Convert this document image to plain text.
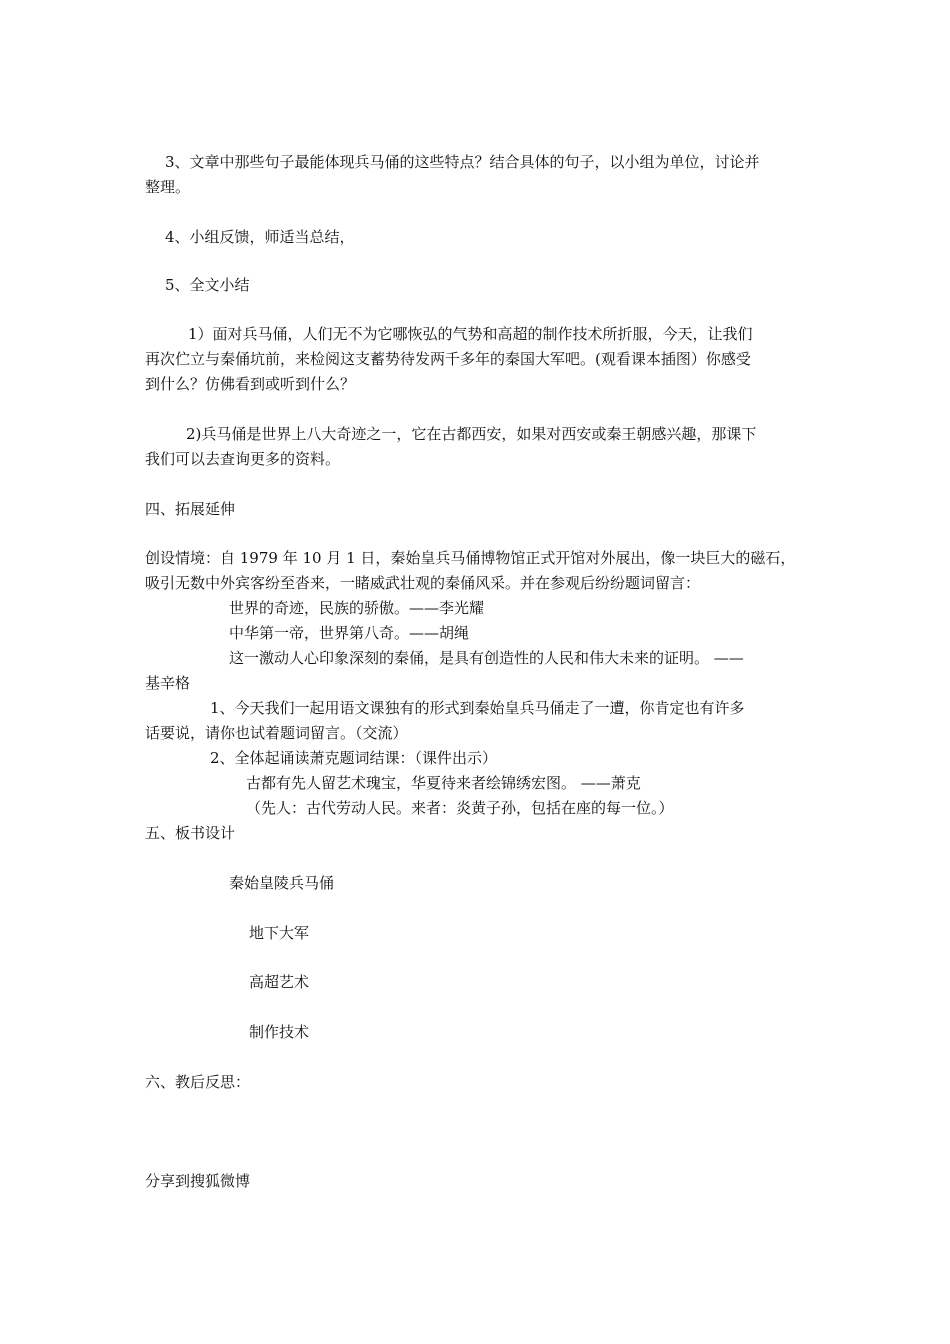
3、文章中那些句子最能体现兵马俑的这些特点？结合具体的句子，以小组为单位，讨论并
整理。
4、小组反馈，师适当总结，
5、全文小结
1）面对兵马俑，人们无不为它哪恢弘的气势和高超的制作技术所折服，今天，让我们
再次伫立与秦俑坑前，来检阅这支蓄势待发两千多年的秦国大军吧。(观看课本插图）你感受
到什么？仿佛看到或听到什么？
2)兵马俑是世界上八大奇迹之一，它在古都西安，如果对西安或秦王朝感兴趣，那课下
我们可以去查询更多的资料。
四、拓展延伸
创设情境：自 1979 年 10 月 1 日，秦始皇兵马俑博物馆正式开馆对外展出，像一块巨大的磁石，
吸引无数中外宾客纷至沓来，一睹威武壮观的秦俑风采。并在参观后纷纷题词留言：
世界的奇迹，民族的骄傲。——李光耀
中华第一帝，世界第八奇。——胡绳
这一激动人心印象深刻的秦俑，是具有创造性的人民和伟大未来的证明。 ——
基辛格
1、今天我们一起用语文课独有的形式到秦始皇兵马俑走了一遭，你肯定也有许多
话要说，请你也试着题词留言。（交流）
2、全体起诵读萧克题词结课：（课件出示）
古都有先人留艺术瑰宝，华夏待来者绘锦绣宏图。 ——萧克
（先人：古代劳动人民。来者：炎黄子孙，包括在座的每一位。）
五、板书设计
秦始皇陵兵马俑
地下大军
高超艺术
制作技术
六、教后反思：
分享到搜狐微博
